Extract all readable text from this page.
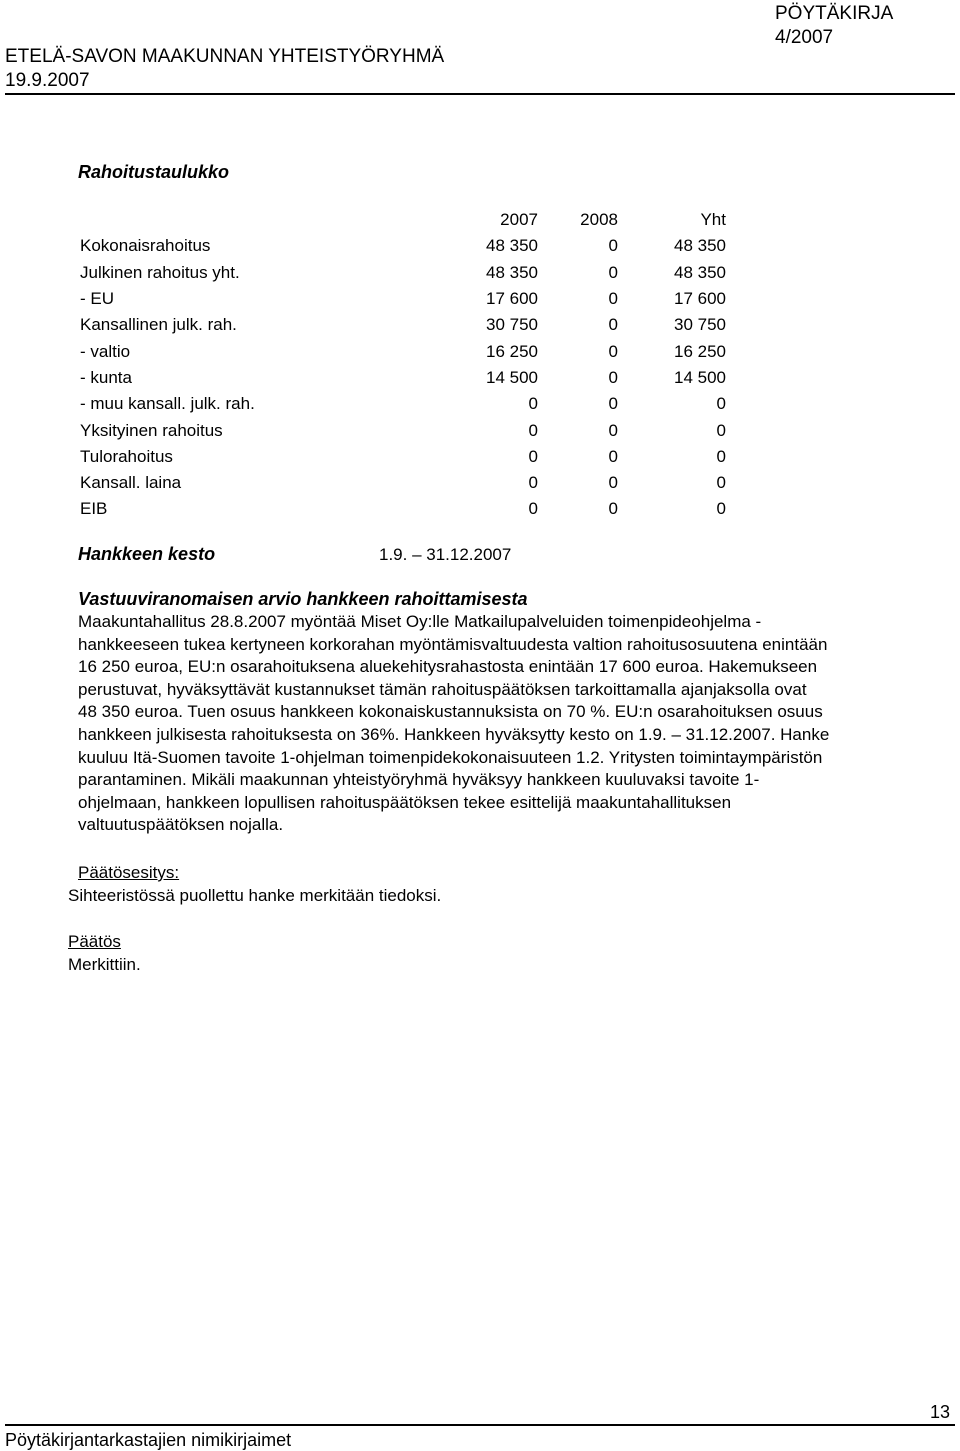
PÖYTÄKIRJA
4/2007
ETELÄ-SAVON MAAKUNNAN YHTEISTYÖRYHMÄ
19.9.2007
Rahoitustaulukko
	2007	2008	Yht
Kokonaisrahoitus	48 350	0	48 350
Julkinen rahoitus yht.	48 350	0	48 350
- EU	17 600	0	17 600
Kansallinen julk. rah.	30 750	0	30 750
- valtio	16 250	0	16 250
- kunta	14 500	0	14 500
- muu kansall. julk. rah.	0	0	0
Yksityinen rahoitus	0	0	0
Tulorahoitus	0	0	0
Kansall. laina	0	0	0
EIB	0	0	0
Hankkeen kesto	1.9. – 31.12.2007
Vastuuviranomaisen arvio hankkeen rahoittamisesta

Maakuntahallitus 28.8.2007 myöntää Miset Oy:lle Matkailupalveluiden toimenpideohjelma -

hankkeeseen tukea kertyneen korkorahan myöntämisvaltuudesta valtion rahoitusosuutena enintään

16 250 euroa, EU:n osarahoituksena aluekehitysrahastosta enintään 17 600 euroa. Hakemukseen

perustuvat, hyväksyttävät kustannukset tämän rahoituspäätöksen tarkoittamalla ajanjaksolla ovat

48 350 euroa. Tuen osuus hankkeen kokonaiskustannuksista on 70 %. EU:n osarahoituksen osuus

hankkeen julkisesta rahoituksesta on 36%. Hankkeen hyväksytty kesto on 1.9. – 31.12.2007. Hanke

kuuluu Itä-Suomen tavoite 1-ohjelman toimenpidekokonaisuuteen 1.2. Yritysten toimintaympäristön

parantaminen. Mikäli maakunnan yhteistyöryhmä hyväksyy hankkeen kuuluvaksi tavoite 1-

ohjelmaan, hankkeen lopullisen rahoituspäätöksen tekee esittelijä maakuntahallituksen

valtuutuspäätöksen nojalla.

Päätösesitys:
Sihteeristössä puollettu hanke merkitään tiedoksi.
Päätös
Merkittiin.
13
Pöytäkirjantarkastajien nimikirjaimet
